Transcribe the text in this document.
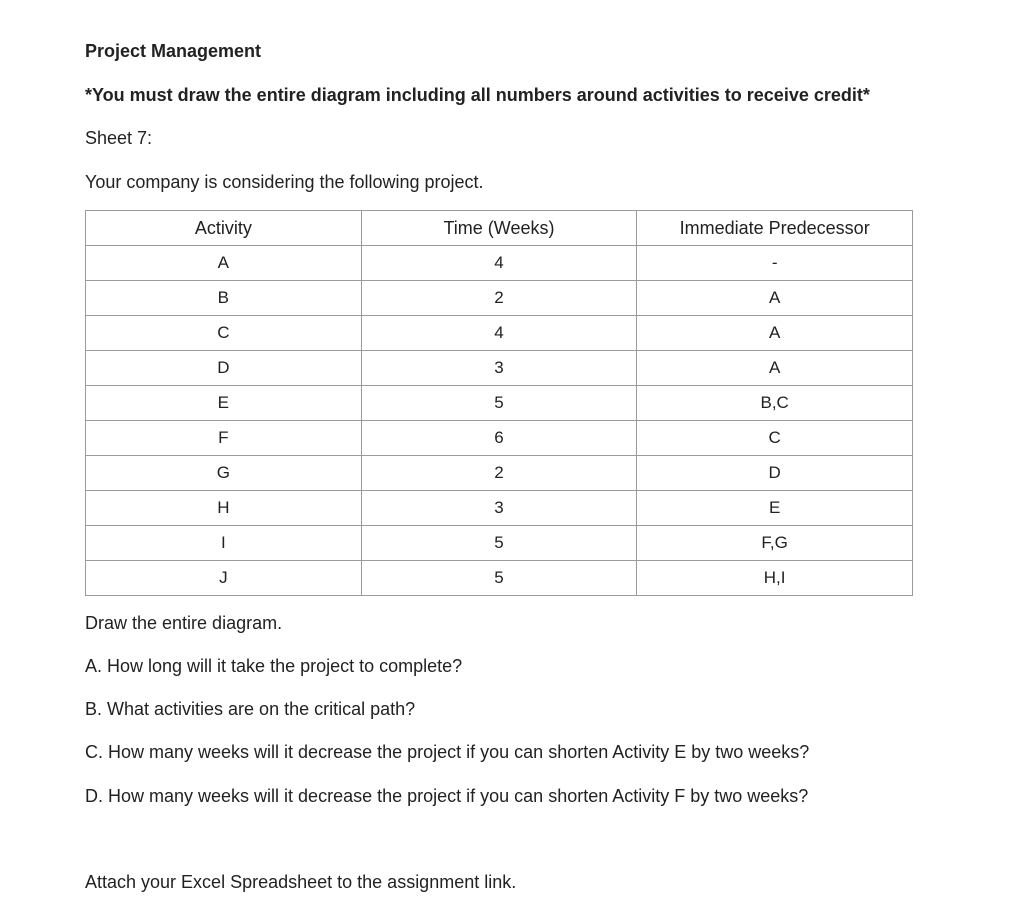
Project Management
*You must draw the entire diagram including all numbers around activities to receive credit*
Sheet 7:
Your company is considering the following project.
Activity	Time (Weeks)	Immediate Predecessor
A	4	-
B	2	A
C	4	A
D	3	A
E	5	B,C
F	6	C
G	2	D
H	3	E
I	5	F,G
J	5	H,I
Draw the entire diagram.
A. How long will it take the project to complete?
B. What activities are on the critical path?
C. How many weeks will it decrease the project if you can shorten Activity E by two weeks?
D. How many weeks will it decrease the project if you can shorten Activity F by two weeks?
Attach your Excel Spreadsheet to the assignment link.
